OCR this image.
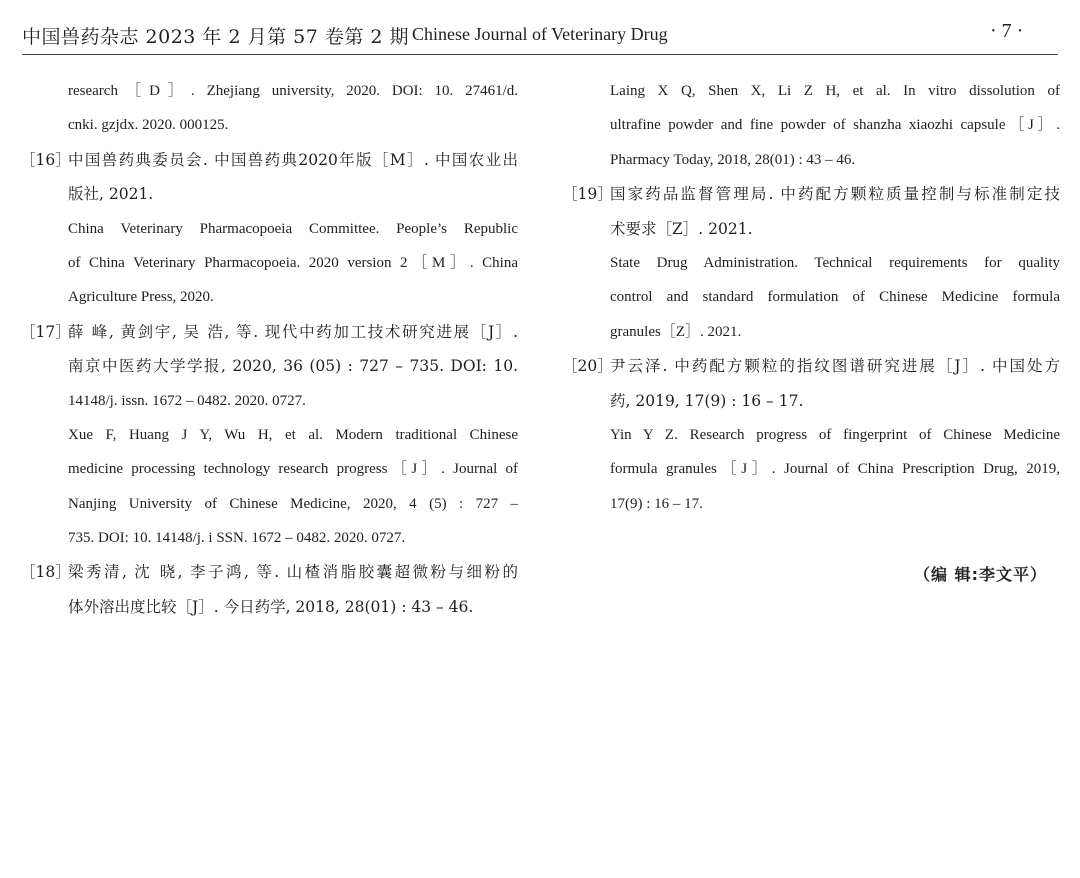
中国兽药杂志 2023 年 2 月第 57 卷第 2 期 Chinese Journal of Veterinary Drug	· 7 ·
research［D］. Zhejiang university, 2020. DOI: 10. 27461/d.
cnki. gzjdx. 2020. 000125.
［16］
中国兽药典委员会. 中国兽药典2020年版［M］. 中国农业出
版社, 2021.
China Veterinary Pharmacopoeia Committee. People’s Republic
of China Veterinary Pharmacopoeia. 2020 version 2［M］. China
Agriculture Press, 2020.
［17］
薛 峰, 黄剑宇, 吴 浩, 等. 现代中药加工技术研究进展［J］.
南京中医药大学学报, 2020, 36 (05) : 727 – 735. DOI: 10.
14148/j. issn. 1672 – 0482. 2020. 0727.
Xue F, Huang J Y, Wu H, et al. Modern traditional Chinese
medicine processing technology research progress［J］. Journal of
Nanjing University of Chinese Medicine, 2020, 4 (5) : 727 –
735. DOI: 10. 14148/j. i SSN. 1672 – 0482. 2020. 0727.
［18］
梁秀清, 沈 晓, 李子鸿, 等. 山楂消脂胶囊超微粉与细粉的
体外溶出度比较［J］. 今日药学, 2018, 28(01) : 43 – 46.
Laing X Q, Shen X, Li Z H, et al. In vitro dissolution of
ultrafine powder and fine powder of shanzha xiaozhi capsule［J］.
Pharmacy Today, 2018, 28(01) : 43 – 46.
［19］
国家药品监督管理局. 中药配方颗粒质量控制与标准制定技
术要求［Z］. 2021.
State Drug Administration. Technical requirements for quality
control and standard formulation of Chinese Medicine formula
granules［Z］. 2021.
［20］
尹云泽. 中药配方颗粒的指纹图谱研究进展［J］. 中国处方
药, 2019, 17(9) : 16 – 17.
Yin Y Z. Research progress of fingerprint of Chinese Medicine
formula granules［J］. Journal of China Prescription Drug, 2019,
17(9) : 16 – 17.
（编 辑:李文平）
